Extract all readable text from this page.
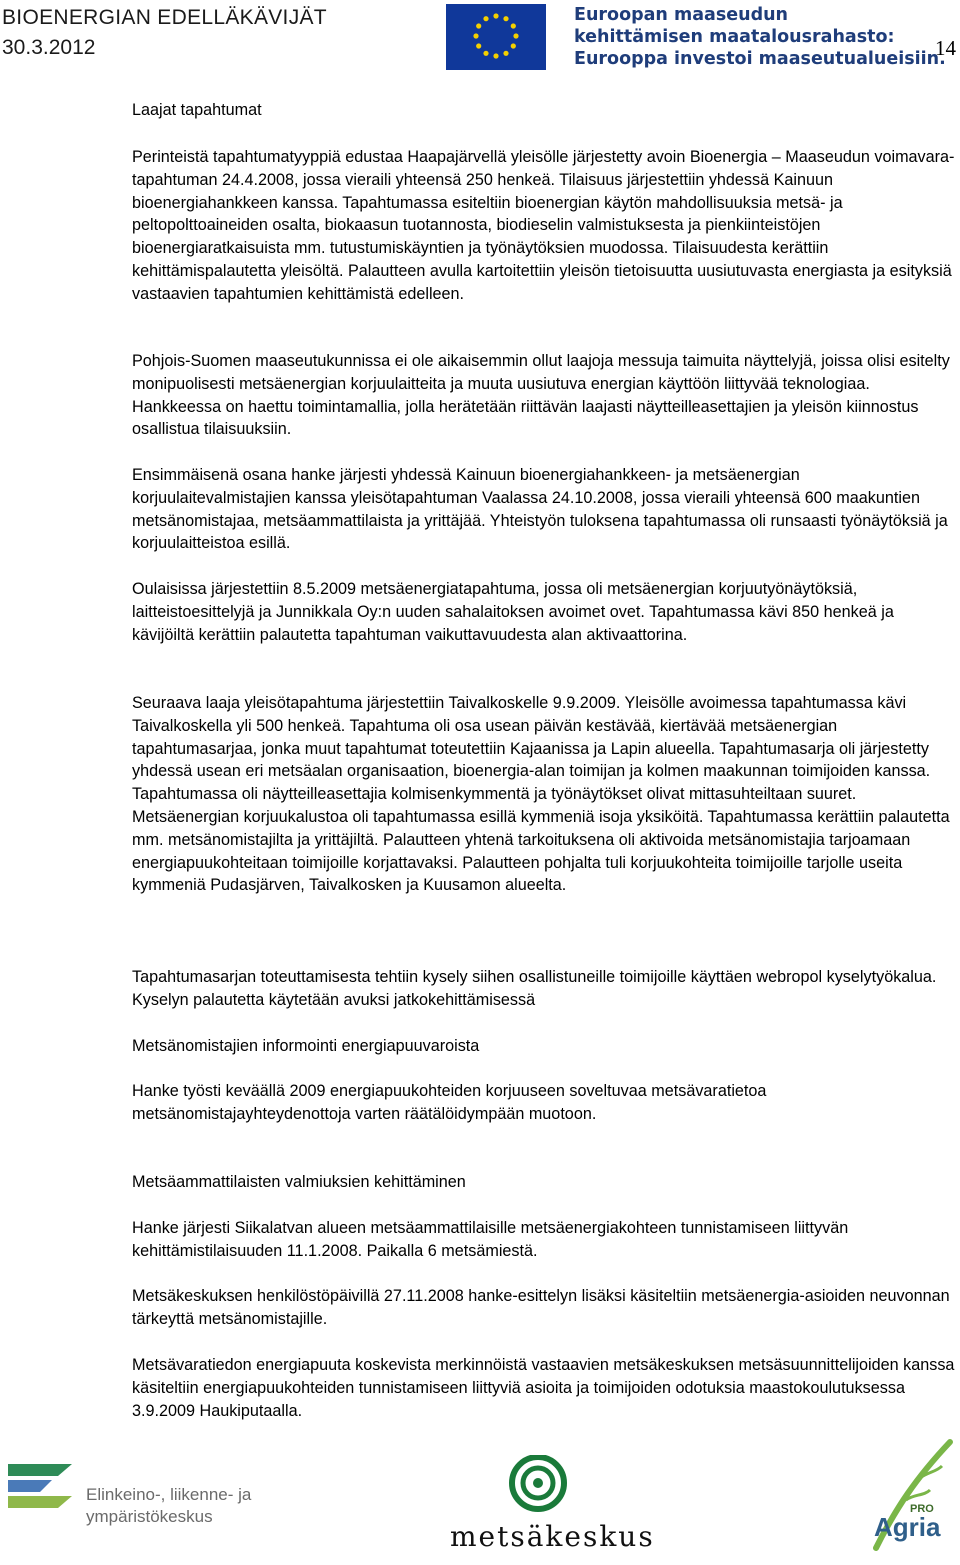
BIOENERGIAN EDELLÄKÄVIJÄT
30.3.2012	14
Euroopan maaseudun
kehittämisen maatalousrahasto:
Eurooppa investoi maaseutualueisiin.
Laajat tapahtumat
Perinteistä tapahtumatyyppiä edustaa Haapajärvellä yleisölle järjestetty avoin Bioenergia – Maaseudun voimavara-tapahtuman 24.4.2008, jossa vieraili yhteensä 250 henkeä. Tilaisuus järjestettiin yhdessä Kainuun bioenergiahankkeen kanssa. Tapahtumassa esiteltiin bioenergian käytön mahdollisuuksia metsä- ja peltopolttoaineiden osalta, biokaasun tuotannosta, biodieselin valmistuksesta ja pienkiinteistöjen bioenergiaratkaisuista mm. tutustumiskäyntien ja työnäytöksien muodossa. Tilaisuudesta kerättiin kehittämispalautetta yleisöltä. Palautteen avulla kartoitettiin yleisön tietoisuutta uusiutuvasta energiasta ja esityksiä vastaavien tapahtumien kehittämistä edelleen.
Pohjois-Suomen maaseutukunnissa ei ole aikaisemmin ollut laajoja messuja taimuita näyttelyjä, joissa olisi esitelty monipuolisesti metsäenergian korjuulaitteita ja muuta uusiutuva energian käyttöön liittyvää teknologiaa. Hankkeessa on haettu toimintamallia, jolla herätetään riittävän laajasti näytteilleasettajien ja yleisön kiinnostus osallistua tilaisuuksiin.
Ensimmäisenä osana hanke järjesti yhdessä Kainuun bioenergiahankkeen- ja metsäenergian korjuulaitevalmistajien kanssa yleisötapahtuman Vaalassa 24.10.2008, jossa vieraili yhteensä 600 maakuntien metsänomistajaa, metsäammattilaista ja yrittäjää. Yhteistyön tuloksena tapahtumassa oli runsaasti työnäytöksiä ja korjuulaitteistoa esillä.
Oulaisissa järjestettiin 8.5.2009 metsäenergiatapahtuma, jossa oli metsäenergian korjuutyönäytöksiä, laitteistoesittelyjä ja Junnikkala Oy:n uuden sahalaitoksen avoimet ovet. Tapahtumassa kävi 850 henkeä ja kävijöiltä kerättiin palautetta tapahtuman vaikuttavuudesta alan aktivaattorina.
Seuraava laaja yleisötapahtuma järjestettiin Taivalkoskelle 9.9.2009. Yleisölle avoimessa tapahtumassa kävi Taivalkoskella yli 500 henkeä. Tapahtuma oli osa usean päivän kestävää, kiertävää metsäenergian tapahtumasarjaa, jonka muut tapahtumat toteutettiin Kajaanissa ja Lapin alueella. Tapahtumasarja oli järjestetty yhdessä usean eri metsäalan organisaation, bioenergia-alan toimijan ja kolmen maakunnan toimijoiden kanssa. Tapahtumassa oli näytteilleasettajia kolmisenkymmentä ja työnäytökset olivat mittasuhteiltaan suuret. Metsäenergian korjuukalustoa oli tapahtumassa esillä kymmeniä isoja yksiköitä. Tapahtumassa kerättiin palautetta mm. metsänomistajilta ja yrittäjiltä. Palautteen yhtenä tarkoituksena oli aktivoida metsänomistajia tarjoamaan energiapuukohteitaan toimijoille korjattavaksi. Palautteen pohjalta tuli korjuukohteita toimijoille tarjolle useita kymmeniä Pudasjärven, Taivalkosken ja Kuusamon alueelta.
Tapahtumasarjan toteuttamisesta tehtiin kysely siihen osallistuneille toimijoille käyttäen webropol kyselytyökalua. Kyselyn palautetta käytetään avuksi jatkokehittämisessä
Metsänomistajien informointi energiapuuvaroista
Hanke työsti keväällä 2009 energiapuukohteiden korjuuseen soveltuvaa metsävaratietoa metsänomistajayhteydenottoja varten räätälöidympään muotoon.
Metsäammattilaisten valmiuksien kehittäminen
Hanke järjesti Siikalatvan alueen metsäammattilaisille metsäenergiakohteen tunnistamiseen liittyvän kehittämistilaisuuden 11.1.2008. Paikalla 6 metsämiestä.
Metsäkeskuksen henkilöstöpäivillä 27.11.2008 hanke-esittelyn lisäksi käsiteltiin metsäenergia-asioiden neuvonnan tärkeyttä metsänomistajille.
Metsävaratiedon energiapuuta koskevista merkinnöistä vastaavien metsäkeskuksen metsäsuunnittelijoiden kanssa käsiteltiin energiapuukohteiden tunnistamiseen liittyviä asioita ja toimijoiden odotuksia maastokoulutuksessa 3.9.2009 Haukiputaalla.
Elinkeino-, liikenne- ja
ympäristökeskus
metsäkeskus
PRO
Agria
